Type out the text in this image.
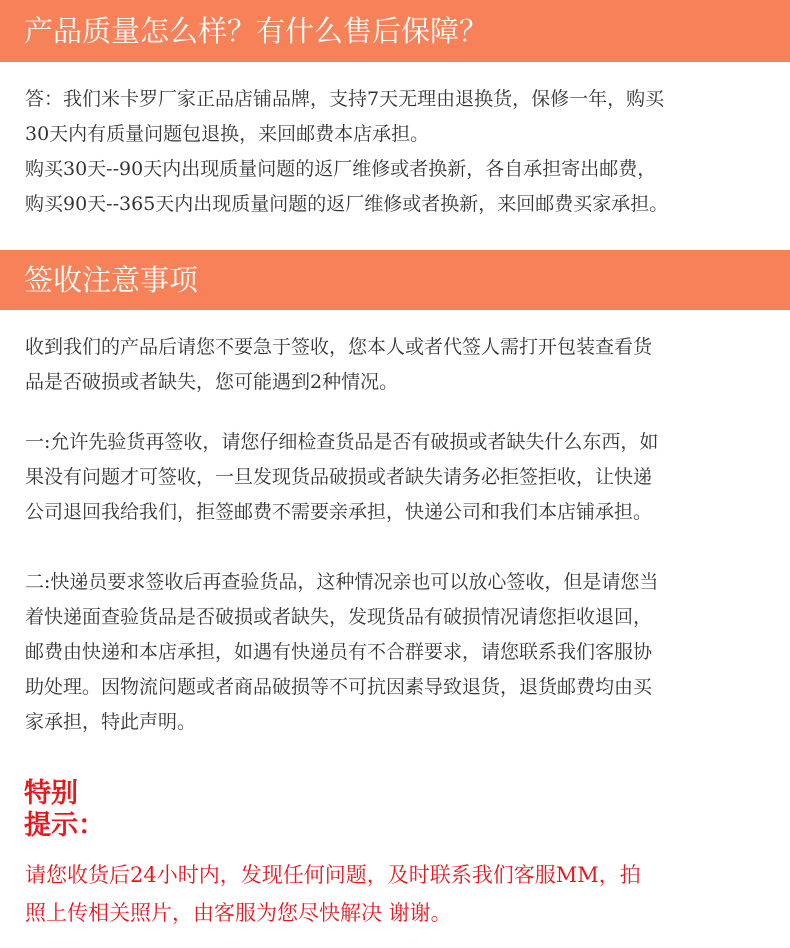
产品质量怎么样？有什么售后保障？

答：我们米卡罗厂家正品店铺品牌，支持7天无理由退换货，保修一年，购买

30天内有质量问题包退换，来回邮费本店承担。

购买30天--90天内出现质量问题的返厂维修或者换新，各自承担寄出邮费，

购买90天--365天内出现质量问题的返厂维修或者换新，来回邮费买家承担。

签收注意事项

收到我们的产品后请您不要急于签收，您本人或者代签人需打开包装查看货

品是否破损或者缺失，您可能遇到2种情况。

一:允许先验货再签收，请您仔细检查货品是否有破损或者缺失什么东西，如

果没有问题才可签收，一旦发现货品破损或者缺失请务必拒签拒收，让快递

公司退回我给我们，拒签邮费不需要亲承担，快递公司和我们本店铺承担。

二:快递员要求签收后再查验货品，这种情况亲也可以放心签收，但是请您当

着快递面查验货品是否破损或者缺失，发现货品有破损情况请您拒收退回，

邮费由快递和本店承担，如遇有快递员有不合群要求，请您联系我们客服协

助处理。因物流问题或者商品破损等不可抗因素导致退货，退货邮费均由买

家承担，特此声明。

特别
提示：

请您收货后24小时内，发现任何问题，及时联系我们客服MM，拍

照上传相关照片，由客服为您尽快解决 谢谢。
